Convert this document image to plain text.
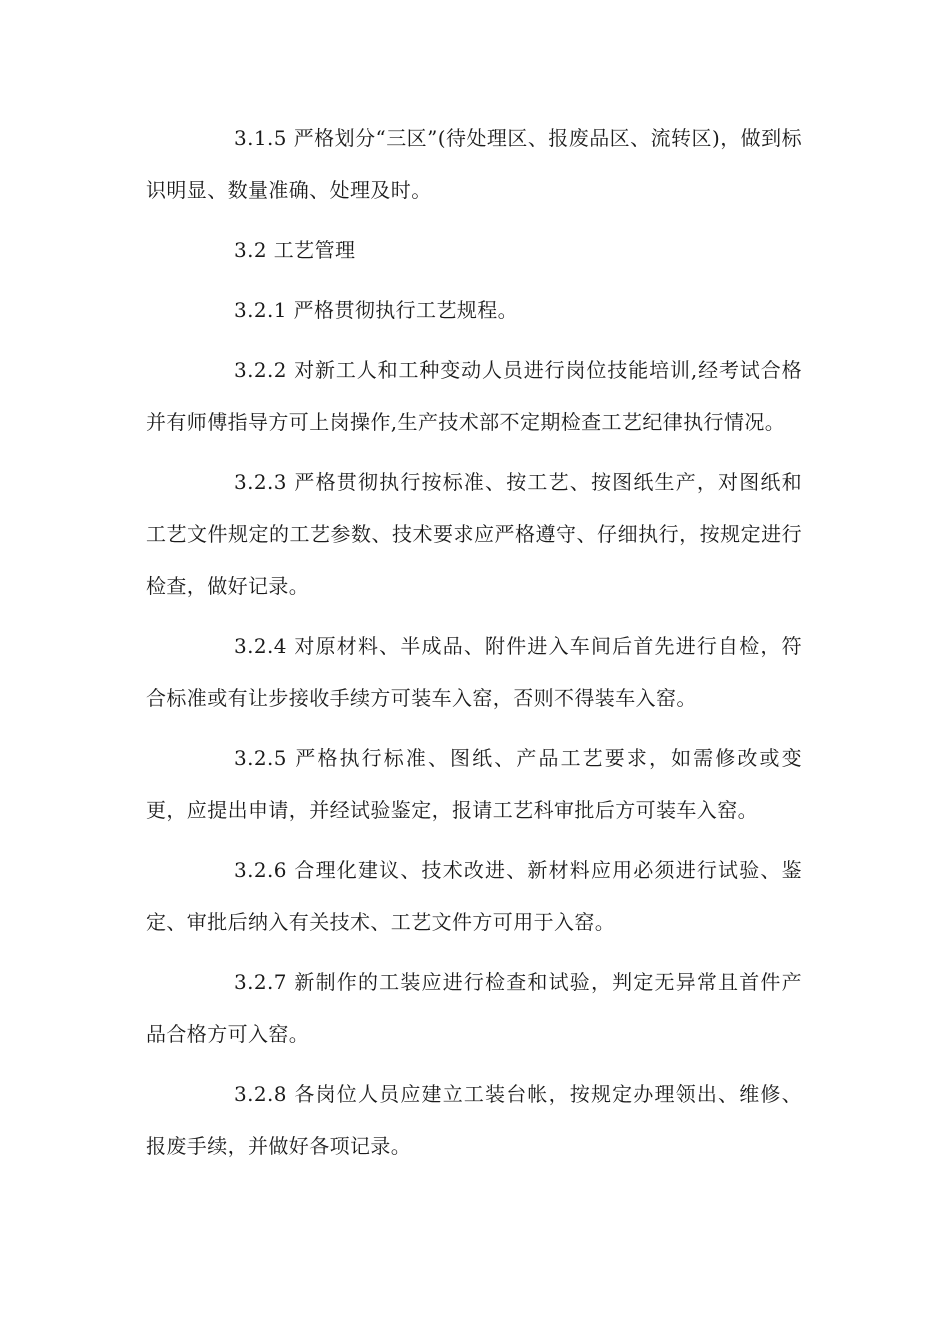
3.1.5 严格划分“三区”(待处理区、报废品区、流转区)，做到标识明显、数量准确、处理及时。

3.2 工艺管理

3.2.1 严格贯彻执行工艺规程。

3.2.2 对新工人和工种变动人员进行岗位技能培训,经考试合格并有师傅指导方可上岗操作,生产技术部不定期检查工艺纪律执行情况。

3.2.3 严格贯彻执行按标准、按工艺、按图纸生产，对图纸和工艺文件规定的工艺参数、技术要求应严格遵守、仔细执行，按规定进行检查，做好记录。

3.2.4 对原材料、半成品、附件进入车间后首先进行自检，符合标准或有让步接收手续方可装车入窑，否则不得装车入窑。

3.2.5 严格执行标准、图纸、产品工艺要求，如需修改或变更，应提出申请，并经试验鉴定，报请工艺科审批后方可装车入窑。

3.2.6 合理化建议、技术改进、新材料应用必须进行试验、鉴定、审批后纳入有关技术、工艺文件方可用于入窑。

3.2.7 新制作的工装应进行检查和试验，判定无异常且首件产品合格方可入窑。

3.2.8 各岗位人员应建立工装台帐，按规定办理领出、维修、报废手续，并做好各项记录。
